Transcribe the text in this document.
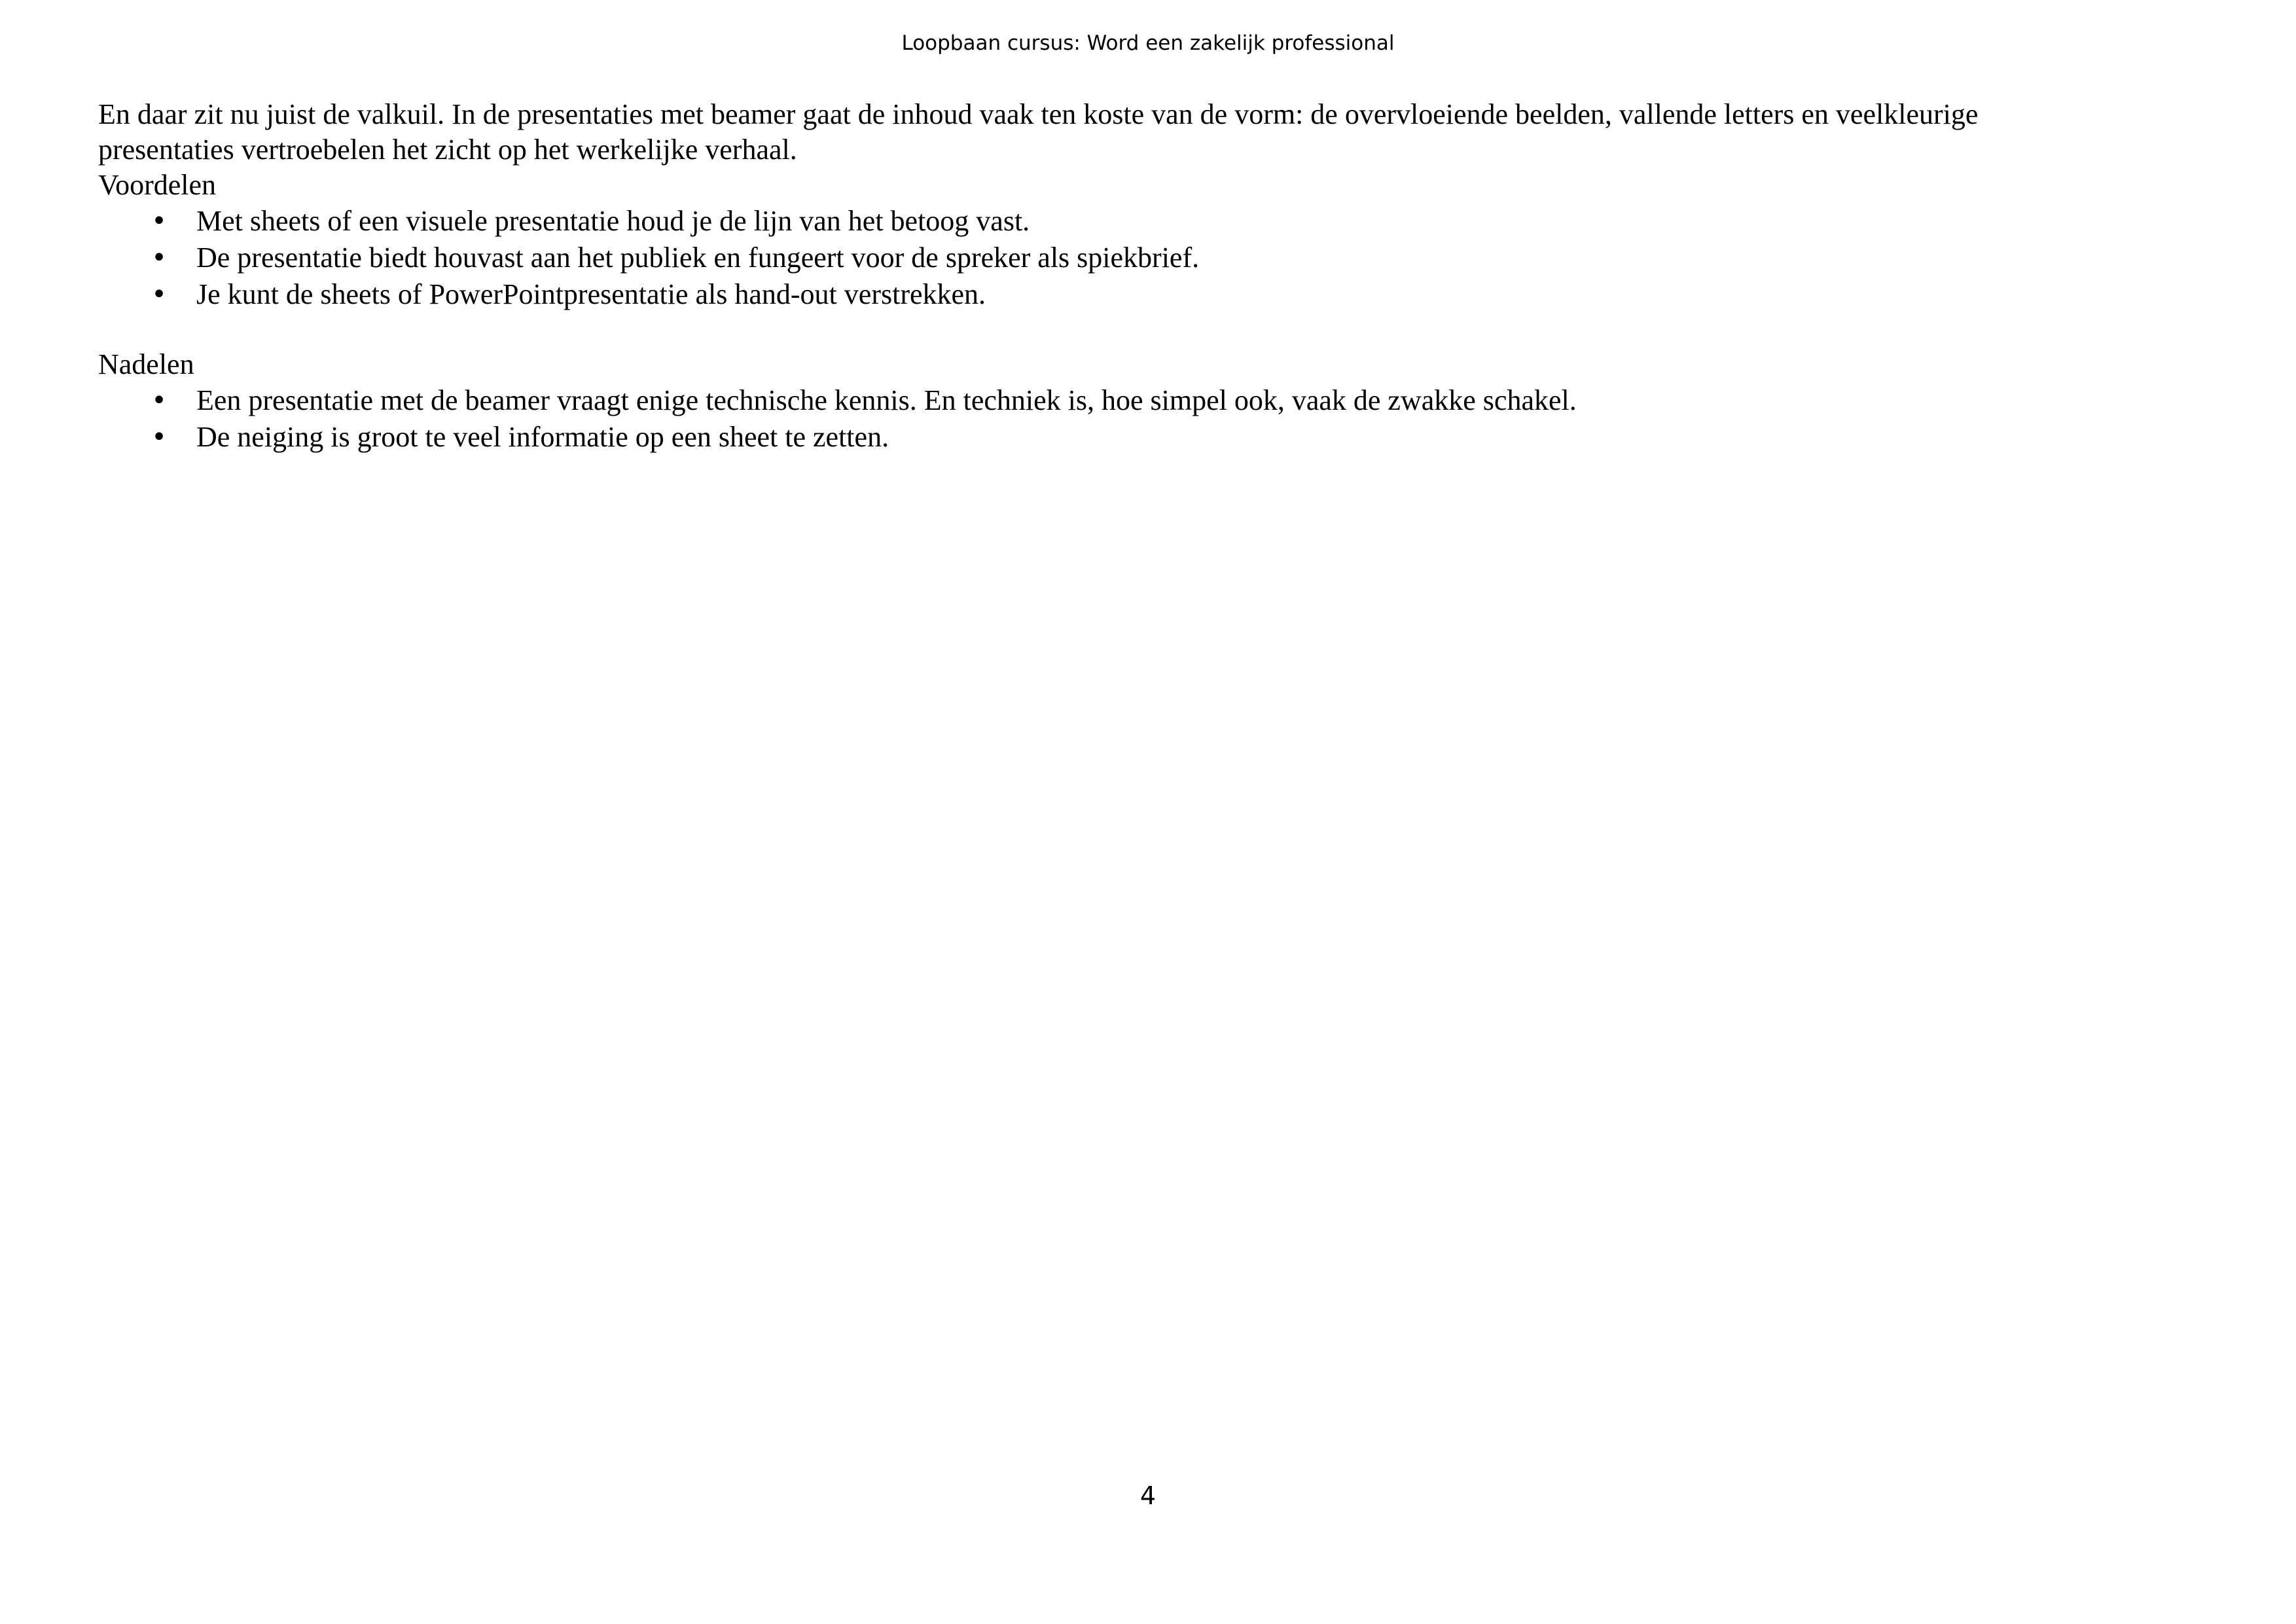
Loopbaan cursus: Word een zakelijk professional

En daar zit nu juist de valkuil. In de presentaties met beamer gaat de inhoud vaak ten koste van de vorm: de overvloeiende beelden, vallende letters en veelkleurige

presentaties vertroebelen het zicht op het werkelijke verhaal.

Voordelen

• Met sheets of een visuele presentatie houd je de lijn van het betoog vast.
• De presentatie biedt houvast aan het publiek en fungeert voor de spreker als spiekbrief.
• Je kunt de sheets of PowerPointpresentatie als hand-out verstrekken.

Nadelen

• Een presentatie met de beamer vraagt enige technische kennis. En techniek is, hoe simpel ook, vaak de zwakke schakel.
• De neiging is groot te veel informatie op een sheet te zetten.
4
